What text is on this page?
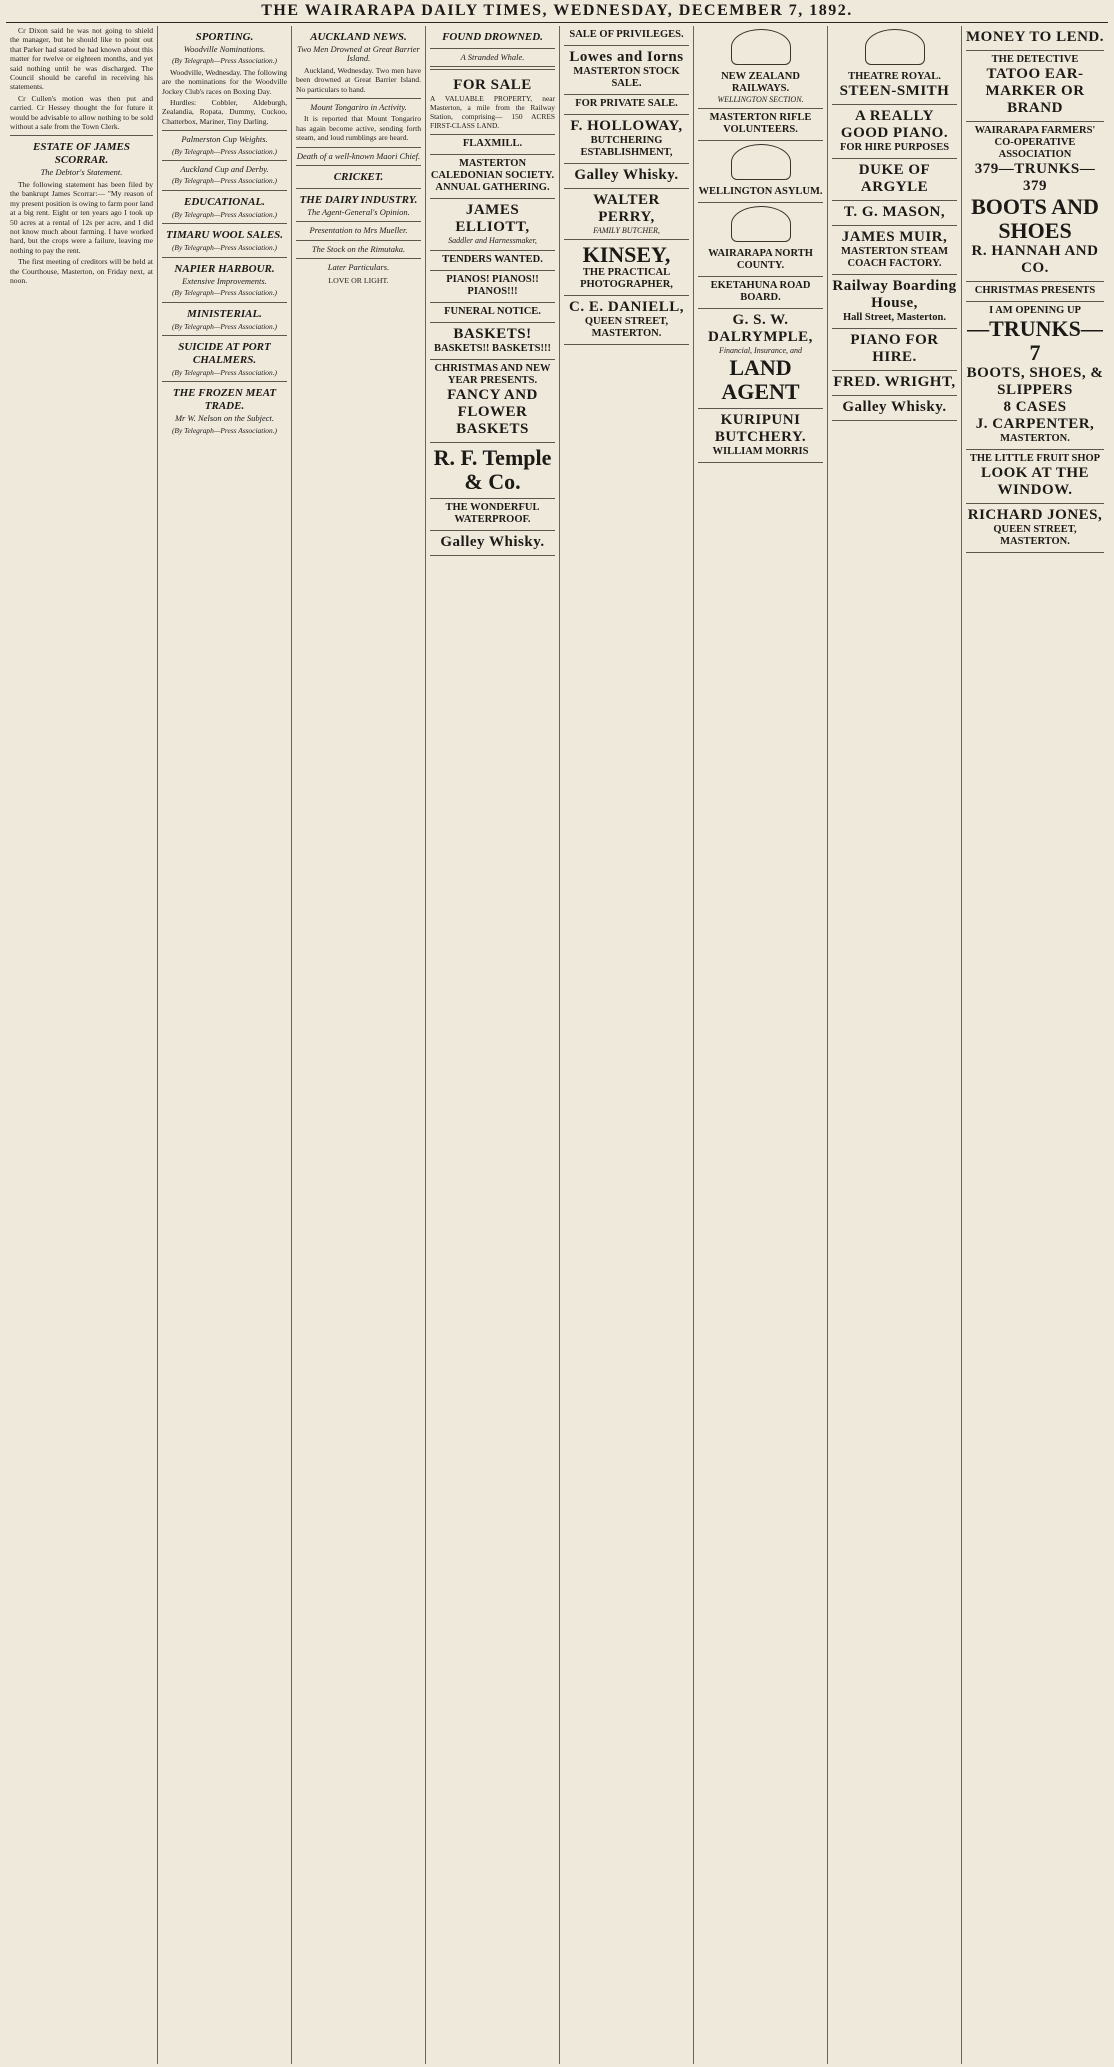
THE WAIRARAPA DAILY TIMES, WEDNESDAY, DECEMBER 7, 1892.

Cr Dixon said he was not going to shield the manager, but he should like to point out that Parker had stated he had known about this matter for twelve or eighteen months, and yet said nothing until he was discharged. The Council should be careful in receiving his statements.

Cr Cullen's motion was then put and carried. Cr Hessey thought the for future it would be advisable to allow nothing to be sold without a sale from the Town Clerk.

ESTATE OF JAMES SCORRAR.
The Debtor's Statement.

The following statement has been filed by the bankrupt James Scorrar:— "My reason of my present position is owing to farm poor land at a big rent. Eight or ten years ago I took up 50 acres at a rental of 12s per acre, and I did not know much about farming. I have worked hard, but the crops were a failure, leaving me nothing to pay the rent.

The first meeting of creditors will be held at the Courthouse, Masterton, on Friday next, at noon.

SPORTING.
Woodville Nominations.
(By Telegraph—Press Association.)

Woodville, Wednesday. The following are the nominations for the Woodville Jockey Club's races on Boxing Day.

Hurdles: Cobbler, Aldeburgh, Zealandia, Ropata, Dummy, Cuckoo, Chatterbox, Mariner, Tiny Darling.

Palmerston Cup Weights.
(By Telegraph—Press Association.)
Auckland Cup and Derby.
(By Telegraph—Press Association.)
EDUCATIONAL.
(By Telegraph—Press Association.)
TIMARU WOOL SALES.
(By Telegraph—Press Association.)
NAPIER HARBOUR.
Extensive Improvements.
(By Telegraph—Press Association.)
MINISTERIAL.
(By Telegraph—Press Association.)
SUICIDE AT PORT CHALMERS.
(By Telegraph—Press Association.)
THE FROZEN MEAT TRADE.
Mr W. Nelson on the Subject.
(By Telegraph—Press Association.)
AUCKLAND NEWS.
Two Men Drowned at Great Barrier Island.

Auckland, Wednesday. Two men have been drowned at Great Barrier Island. No particulars to hand.

Mount Tongariro in Activity.

It is reported that Mount Tongariro has again become active, sending forth steam, and loud rumblings are heard.

Death of a well-known Maori Chief.
CRICKET.
THE DAIRY INDUSTRY.
The Agent-General's Opinion.
Presentation to Mrs Mueller.
The Stock on the Rimutaka.
Later Particulars.
LOVE OR LIGHT.
FOUND DROWNED.
A Stranded Whale.
FOR SALE
A VALUABLE PROPERTY, near Masterton, a mile from the Railway Station, comprising— 150 ACRES FIRST-CLASS LAND.
FLAXMILL.
MASTERTON CALEDONIAN SOCIETY.
ANNUAL GATHERING.
JAMES ELLIOTT,
Saddler and Harnessmaker,
TENDERS WANTED.
PIANOS! PIANOS!! PIANOS!!!
FUNERAL NOTICE.
BASKETS!
BASKETS!! BASKETS!!!
CHRISTMAS AND NEW YEAR PRESENTS.
FANCY AND FLOWER BASKETS
R. F. Temple & Co.
THE WONDERFUL WATERPROOF.
Galley Whisky.
SALE OF PRIVILEGES.
Lowes and Iorns
MASTERTON STOCK SALE.
FOR PRIVATE SALE.
F. HOLLOWAY,
BUTCHERING ESTABLISHMENT,
Galley Whisky.
WALTER PERRY,
FAMILY BUTCHER,
KINSEY,
THE PRACTICAL PHOTOGRAPHER,
C. E. DANIELL,
QUEEN STREET, MASTERTON.
NEW ZEALAND RAILWAYS.
WELLINGTON SECTION.
MASTERTON RIFLE VOLUNTEERS.
WELLINGTON ASYLUM.
WAIRARAPA NORTH COUNTY.
EKETAHUNA ROAD BOARD.
G. S. W. DALRYMPLE,
Financial, Insurance, and
LAND AGENT
KURIPUNI BUTCHERY.
WILLIAM MORRIS
THEATRE ROYAL.
STEEN-SMITH
A REALLY GOOD PIANO.
FOR HIRE PURPOSES
DUKE OF ARGYLE
T. G. MASON,
JAMES MUIR,
MASTERTON STEAM COACH FACTORY.
Railway Boarding House,
Hall Street, Masterton.
PIANO FOR HIRE.
FRED. WRIGHT,
Galley Whisky.
MONEY TO LEND.
THE DETECTIVE
TATOO EAR-MARKER OR BRAND
WAIRARAPA FARMERS' CO-OPERATIVE ASSOCIATION
379—TRUNKS—379
BOOTS AND SHOES
R. HANNAH AND CO.
CHRISTMAS PRESENTS
I AM OPENING UP
—TRUNKS—7
BOOTS, SHOES, & SLIPPERS
8 CASES
J. CARPENTER,
MASTERTON.
THE LITTLE FRUIT SHOP
LOOK AT THE WINDOW.
RICHARD JONES,
QUEEN STREET, MASTERTON.
